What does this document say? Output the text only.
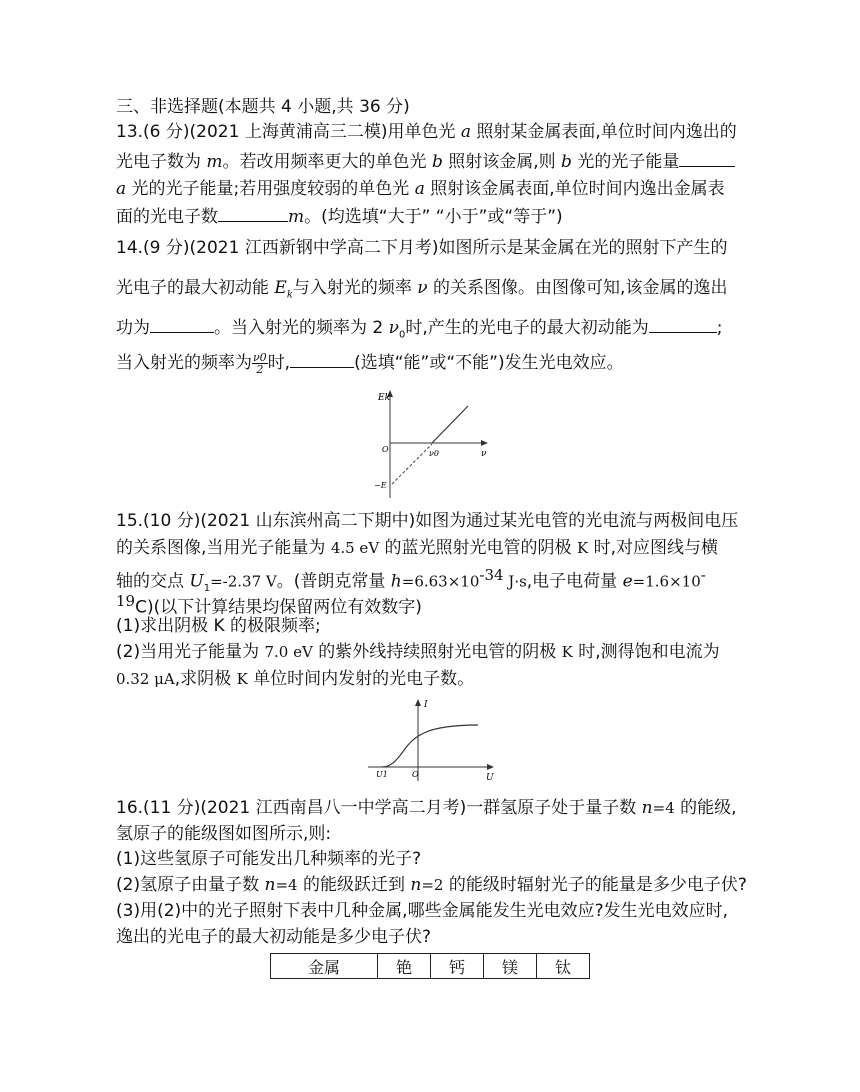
三、非选择题(本题共 4 小题,共 36 分)
13.(6 分)(2021 上海黄浦高三二模)用单色光 a 照射某金属表面,单位时间内逸出的
光电子数为 m。若改用频率更大的单色光 b 照射该金属,则 b 光的光子能量
a 光的光子能量;若用强度较弱的单色光 a 照射该金属表面,单位时间内逸出金属表
面的光电子数	m。(均选填“大于” “小于”或“等于”)
14.(9 分)(2021 江西新钢中学高二下月考)如图所示是某金属在光的照射下产生的
光电子的最大初动能 $E_k$与入射光的频率 ν 的关系图像。由图像可知,该金属的逸出
功为	。当入射光的频率为 2 $\nu_0$时,产生的光电子的最大初动能为	;
当入射光的频率为 $\frac{\nu 0}{2}$ 时,	(选填“能”或“不能”)发生光电效应。
Ek
ν
O	ν0
−E
15.(10 分)(2021 山东滨州高二下期中)如图为通过某光电管的光电流与两极间电压
的关系图像,当用光子能量为 4.5 eV 的蓝光照射光电管的阴极 K 时,对应图线与横
轴的交点 $U_1=-2.37$ V。(普朗克常量 $h=6.63\times 10^{-34}$ J·s,电子电荷量 e=1.6×10-
$^{19}$C)(以下计算结果均保留两位有效数字)
(1)求出阴极 K 的极限频率;
(2)当用光子能量为 7.0 eV 的紫外线持续照射光电管的阴极 K 时,测得饱和电流为
0.32 μA,求阴极 K 单位时间内发射的光电子数。
I
U
O
U1
16.(11 分)(2021 江西南昌八一中学高二月考)一群氢原子处于量子数 n=4 的能级,
氢原子的能级图如图所示,则:
(1)这些氢原子可能发出几种频率的光子?
(2)氢原子由量子数 n=4 的能级跃迁到 n=2 的能级时辐射光子的能量是多少电子伏?
(3)用(2)中的光子照射下表中几种金属,哪些金属能发生光电效应?发生光电效应时,
逸出的光电子的最大初动能是多少电子伏?
金属	铯	钙	镁	钛
